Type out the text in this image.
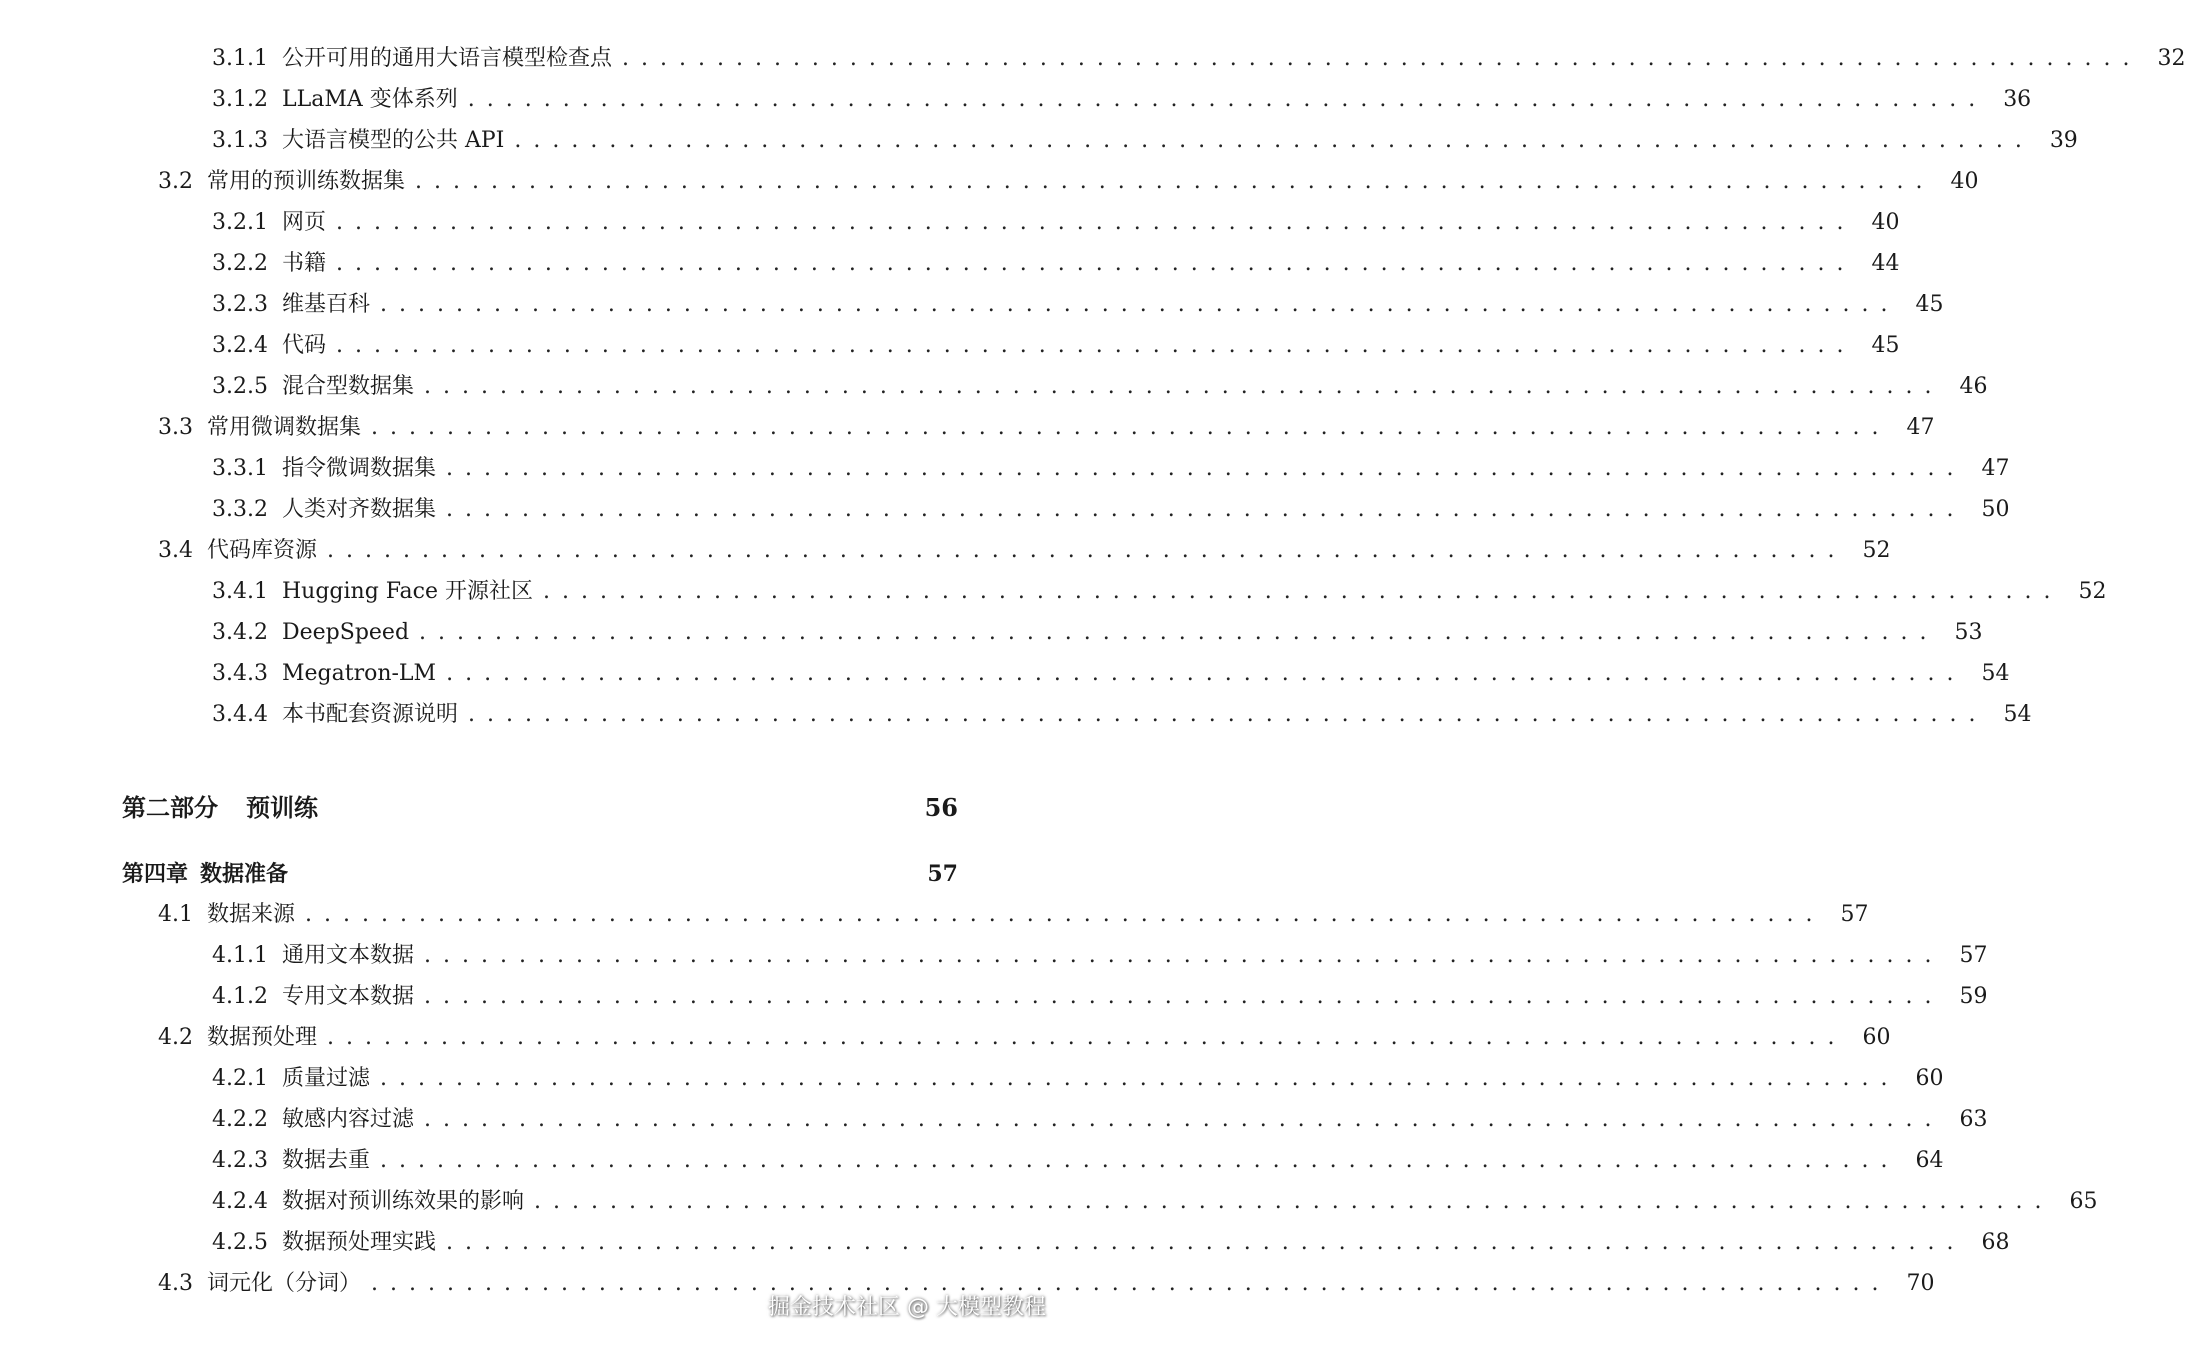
3.1.1 公开可用的通用大语言模型检查点 ................................................................................ 32
3.1.2 LLaMA 变体系列 ................................................................................ 36
3.1.3 大语言模型的公共 API ................................................................................ 39
3.2 常用的预训练数据集 ................................................................................ 40
3.2.1 网页 ................................................................................ 40
3.2.2 书籍 ................................................................................ 44
3.2.3 维基百科 ................................................................................ 45
3.2.4 代码 ................................................................................ 45
3.2.5 混合型数据集 ................................................................................ 46
3.3 常用微调数据集 ................................................................................ 47
3.3.1 指令微调数据集 ................................................................................ 47
3.3.2 人类对齐数据集 ................................................................................ 50
3.4 代码库资源 ................................................................................ 52
3.4.1 Hugging Face 开源社区 ................................................................................ 52
3.4.2 DeepSpeed ................................................................................ 53
3.4.3 Megatron-LM ................................................................................ 54
3.4.4 本书配套资源说明 ................................................................................ 54
第二部分 预训练	56
第四章 数据准备	57
4.1 数据来源 ................................................................................ 57
4.1.1 通用文本数据 ................................................................................ 57
4.1.2 专用文本数据 ................................................................................ 59
4.2 数据预处理 ................................................................................ 60
4.2.1 质量过滤 ................................................................................ 60
4.2.2 敏感内容过滤 ................................................................................ 63
4.2.3 数据去重 ................................................................................ 64
4.2.4 数据对预训练效果的影响 ................................................................................ 65
4.2.5 数据预处理实践 ................................................................................ 68
4.3 词元化（分词） ................................................................................ 70
掘金技术社区 @ 大模型教程
